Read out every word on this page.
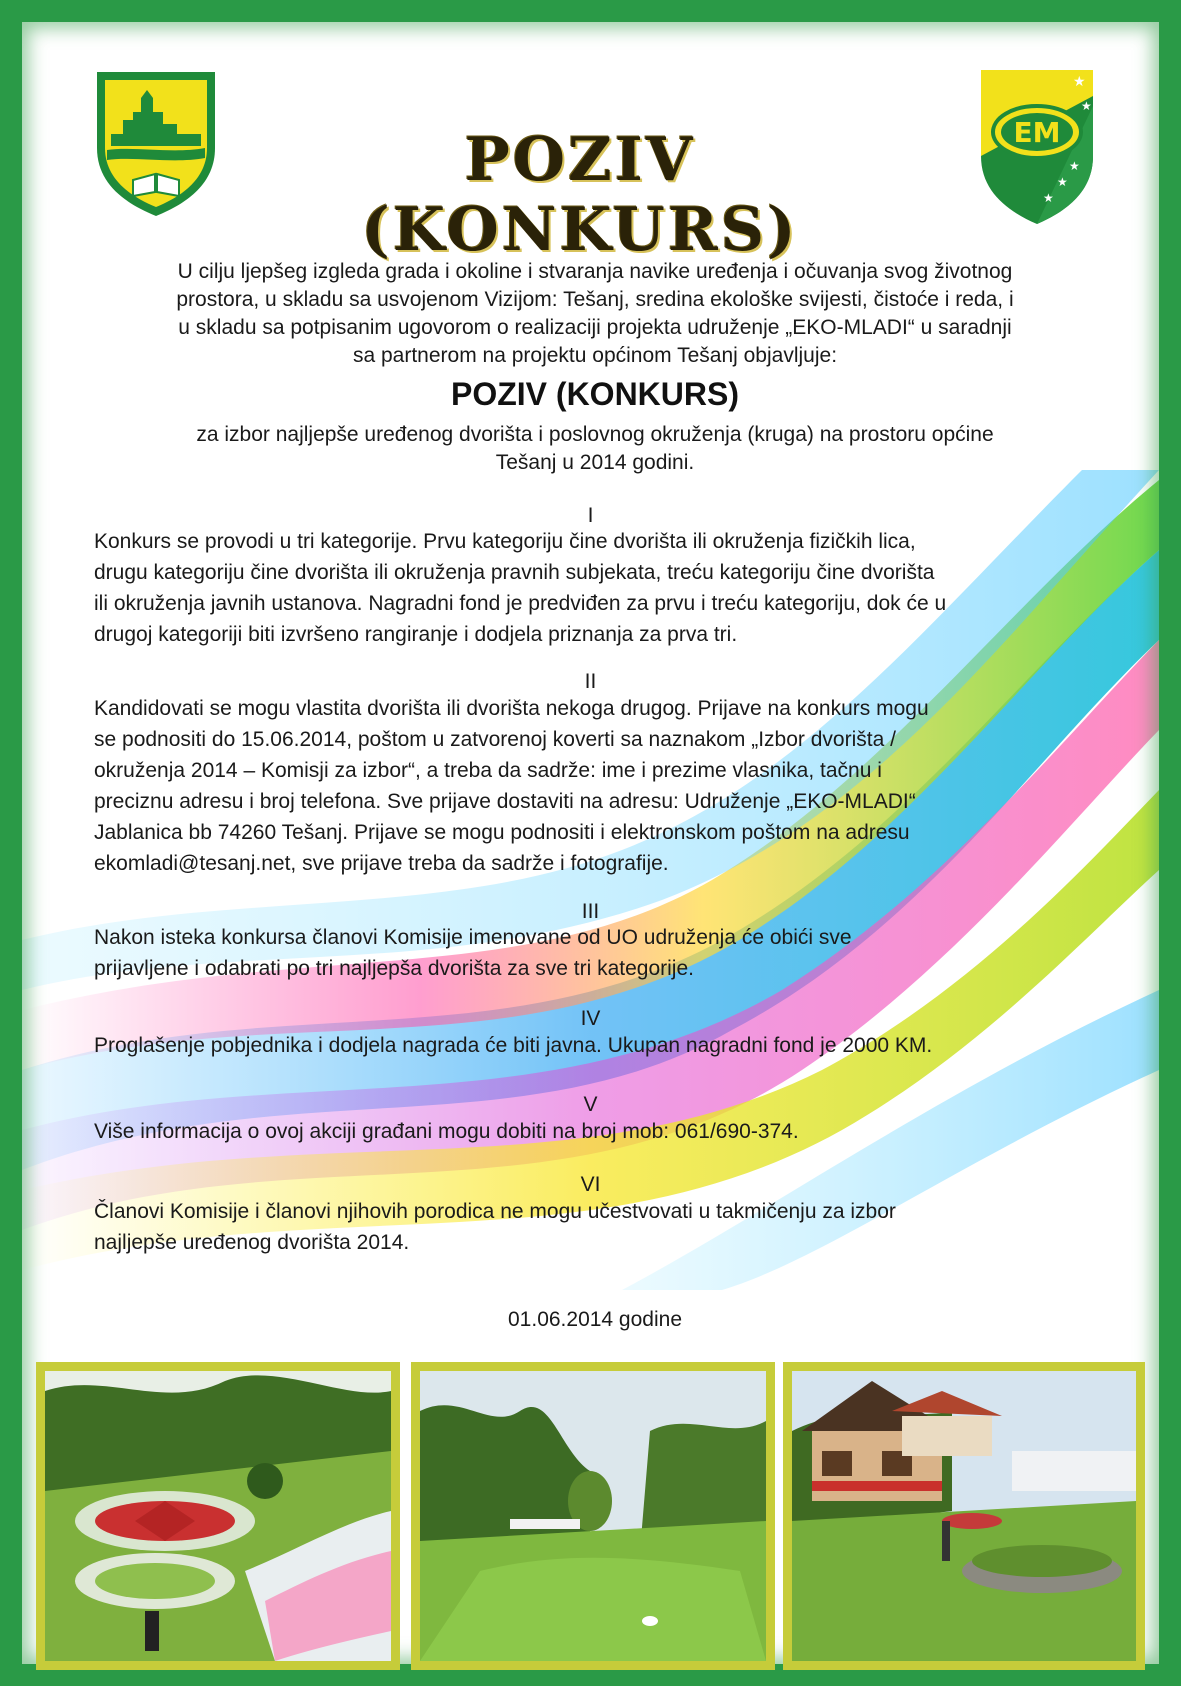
POZIV (KONKURS)
EM
★
★
★
★
★
U cilju ljepšeg izgleda grada i okoline i stvaranja navike uređenja i očuvanja svog životnog
prostora, u skladu sa usvojenom Vizijom: Tešanj, sredina ekološke svijesti, čistoće i reda, i
u skladu sa potpisanim ugovorom o realizaciji projekta udruženje „EKO-MLADI“ u saradnji
sa partnerom na projektu općinom Tešanj objavljuje:
POZIV (KONKURS)
za izbor najljepše uređenog dvorišta i poslovnog okruženja (kruga) na prostoru općine
Tešanj u 2014 godini.
I
Konkurs se provodi u tri kategorije. Prvu kategoriju čine dvorišta ili okruženja fizičkih lica,
drugu kategoriju čine dvorišta ili okruženja pravnih subjekata, treću kategoriju čine dvorišta
ili okruženja javnih ustanova. Nagradni fond je predviđen za prvu i treću kategoriju, dok će u
drugoj kategoriji biti izvršeno rangiranje i dodjela priznanja za prva tri.
II
Kandidovati se mogu vlastita dvorišta ili dvorišta nekoga drugog. Prijave na konkurs mogu
se podnositi do 15.06.2014, poštom u zatvorenoj koverti sa naznakom „Izbor dvorišta /
okruženja 2014 – Komisji za izbor“, a treba da sadrže: ime i prezime vlasnika, tačnu i
preciznu adresu i broj telefona. Sve prijave dostaviti na adresu: Udruženje „EKO-MLADI“
Jablanica bb 74260 Tešanj. Prijave se mogu podnositi i elektronskom poštom na adresu
ekomladi@tesanj.net, sve prijave treba da sadrže i fotografije.
III
Nakon isteka konkursa članovi Komisije imenovane od UO udruženja će obići sve
prijavljene i odabrati po tri najljepša dvorišta za sve tri kategorije.
IV
Proglašenje pobjednika i dodjela nagrada će biti javna. Ukupan nagradni fond je 2000 KM.
V
Više informacija o ovoj akciji građani mogu dobiti na broj mob: 061/690-374.
VI
Članovi Komisije i članovi njihovih porodica ne mogu učestvovati u takmičenju za izbor
najljepše uređenog dvorišta 2014.
01.06.2014 godine
